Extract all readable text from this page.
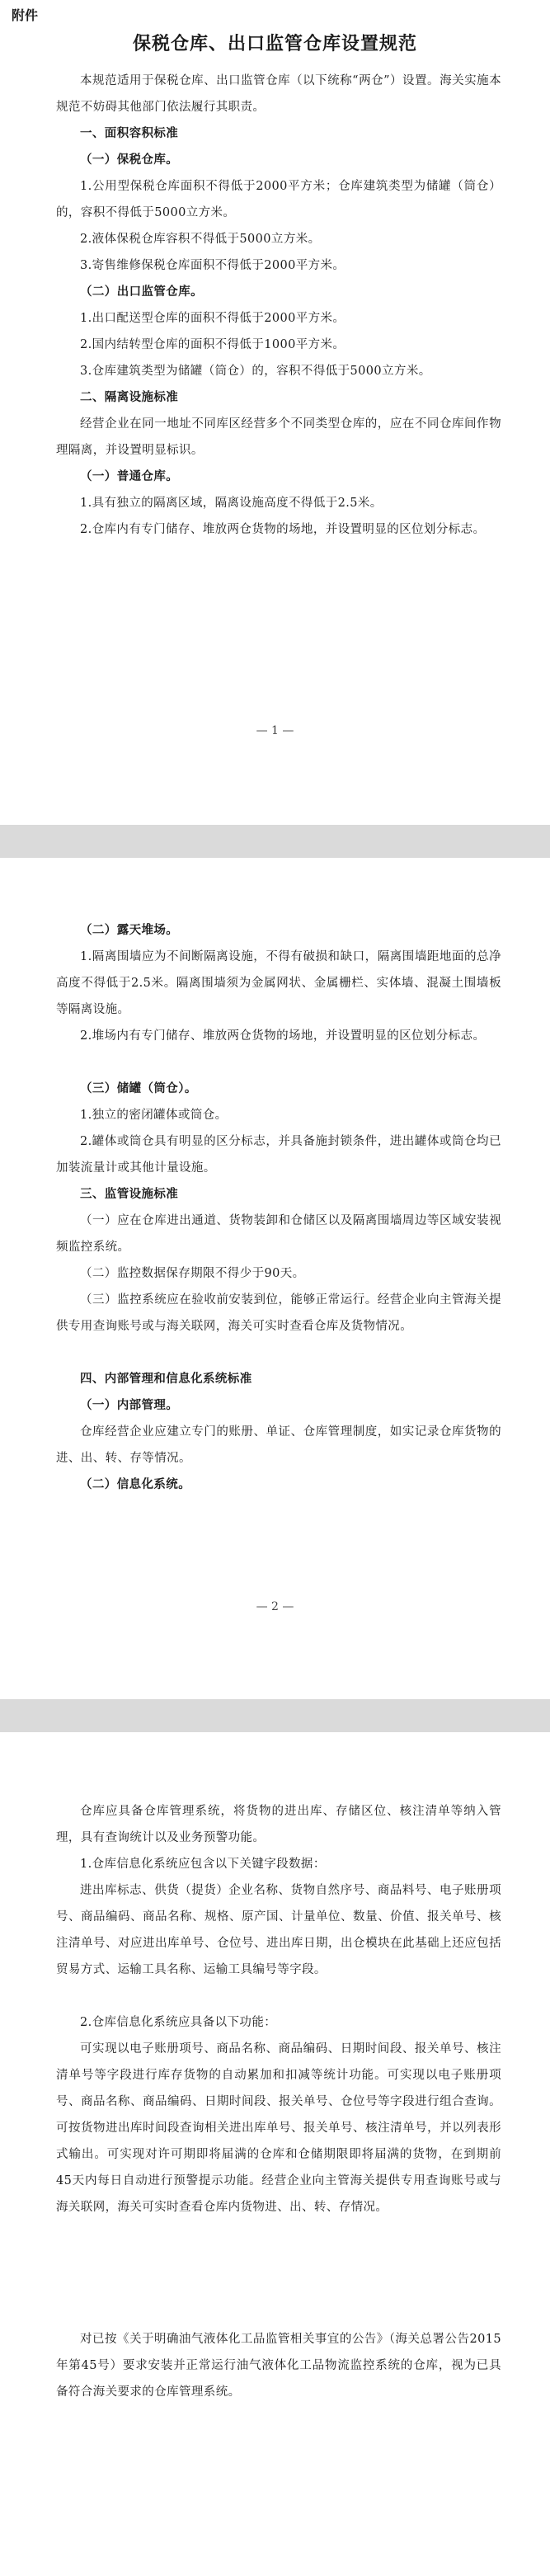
附件
保税仓库、出口监管仓库设置规范

本规范适用于保税仓库、出口监管仓库（以下统称“两仓”）设置。海关实施本规范不妨碍其他部门依法履行其职责。

一、面积容积标准

（一）保税仓库。

1.公用型保税仓库面积不得低于2000平方米；仓库建筑类型为储罐（筒仓）的，容积不得低于5000立方米。

2.液体保税仓库容积不得低于5000立方米。

3.寄售维修保税仓库面积不得低于2000平方米。

（二）出口监管仓库。

1.出口配送型仓库的面积不得低于2000平方米。

2.国内结转型仓库的面积不得低于1000平方米。

3.仓库建筑类型为储罐（筒仓）的，容积不得低于5000立方米。

二、隔离设施标准

经营企业在同一地址不同库区经营多个不同类型仓库的，应在不同仓库间作物理隔离，并设置明显标识。

（一）普通仓库。

1.具有独立的隔离区域，隔离设施高度不得低于2.5米。

2.仓库内有专门储存、堆放两仓货物的场地，并设置明显的区位划分标志。

— 1 —

（二）露天堆场。

1.隔离围墙应为不间断隔离设施，不得有破损和缺口，隔离围墙距地面的总净高度不得低于2.5米。隔离围墙须为金属网状、金属栅栏、实体墙、混凝土围墙板等隔离设施。

2.堆场内有专门储存、堆放两仓货物的场地，并设置明显的区位划分标志。

（三）储罐（筒仓）。

1.独立的密闭罐体或筒仓。

2.罐体或筒仓具有明显的区分标志，并具备施封锁条件，进出罐体或筒仓均已加装流量计或其他计量设施。

三、监管设施标准

（一）应在仓库进出通道、货物装卸和仓储区以及隔离围墙周边等区域安装视频监控系统。

（二）监控数据保存期限不得少于90天。

（三）监控系统应在验收前安装到位，能够正常运行。经营企业向主管海关提供专用查询账号或与海关联网，海关可实时查看仓库及货物情况。

四、内部管理和信息化系统标准

（一）内部管理。

仓库经营企业应建立专门的账册、单证、仓库管理制度，如实记录仓库货物的进、出、转、存等情况。

（二）信息化系统。

— 2 —

仓库应具备仓库管理系统，将货物的进出库、存储区位、核注清单等纳入管理，具有查询统计以及业务预警功能。

1.仓库信息化系统应包含以下关键字段数据：

进出库标志、供货（提货）企业名称、货物自然序号、商品料号、电子账册项号、商品编码、商品名称、规格、原产国、计量单位、数量、价值、报关单号、核注清单号、对应进出库单号、仓位号、进出库日期，出仓模块在此基础上还应包括贸易方式、运输工具名称、运输工具编号等字段。

2.仓库信息化系统应具备以下功能：

可实现以电子账册项号、商品名称、商品编码、日期时间段、报关单号、核注清单号等字段进行库存货物的自动累加和扣减等统计功能。可实现以电子账册项号、商品名称、商品编码、日期时间段、报关单号、仓位号等字段进行组合查询。可按货物进出库时间段查询相关进出库单号、报关单号、核注清单号，并以列表形式输出。可实现对许可期即将届满的仓库和仓储期限即将届满的货物，在到期前45天内每日自动进行预警提示功能。经营企业向主管海关提供专用查询账号或与海关联网，海关可实时查看仓库内货物进、出、转、存情况。

对已按《关于明确油气液体化工品监管相关事宜的公告》（海关总署公告2015年第45号）要求安装并正常运行油气液体化工品物流监控系统的仓库，视为已具备符合海关要求的仓库管理系统。
